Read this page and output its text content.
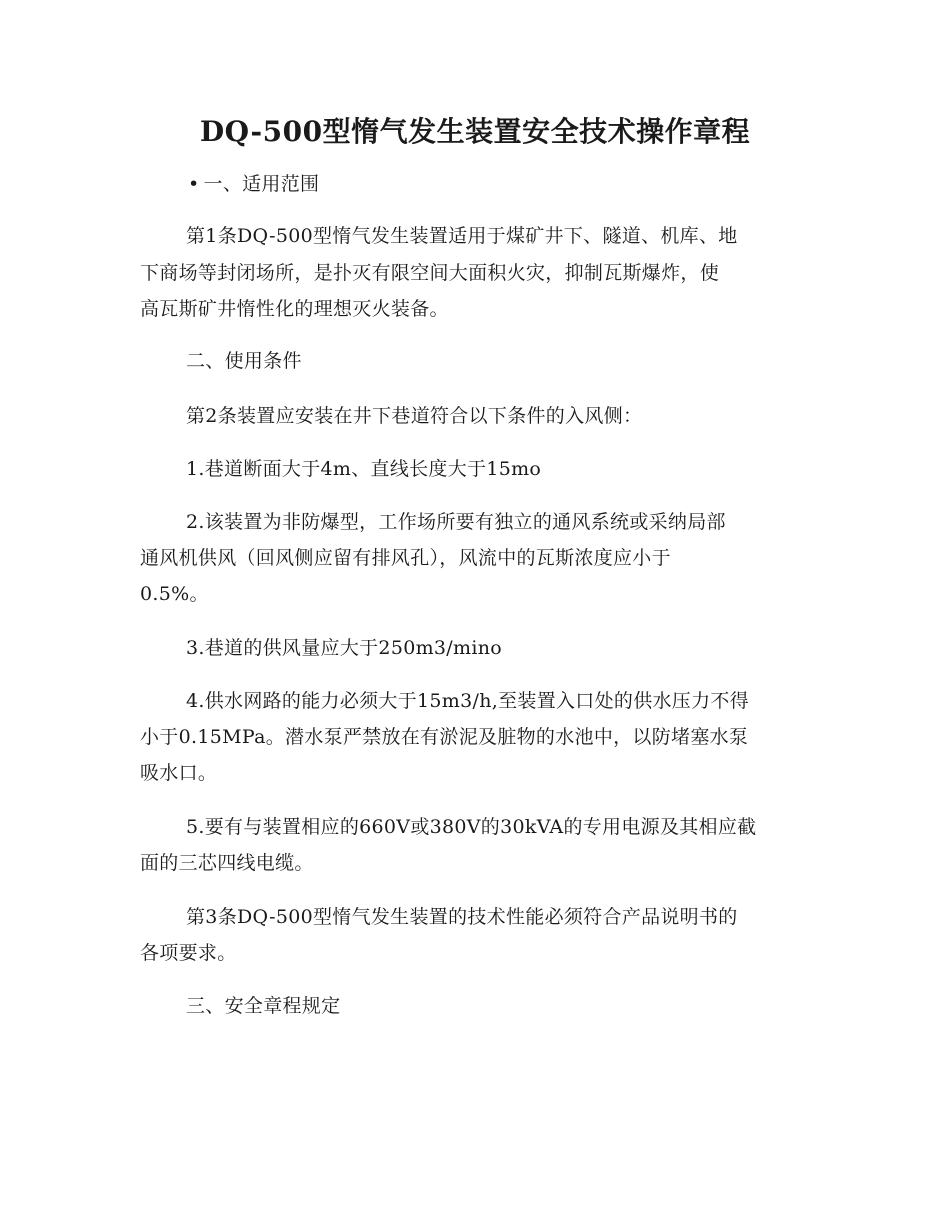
DQ-500型惰气发生装置安全技术操作章程
• 一、适用范围
第1条DQ-500型惰气发生装置适用于煤矿井下、隧道、机库、地
下商场等封闭场所，是扑灭有限空间大面积火灾，抑制瓦斯爆炸，使
高瓦斯矿井惰性化的理想灭火装备。
二、使用条件
第2条装置应安装在井下巷道符合以下条件的入风侧：
1.巷道断面大于4m、直线长度大于15mo
2.该装置为非防爆型，工作场所要有独立的通风系统或采纳局部
通风机供风（回风侧应留有排风孔），风流中的瓦斯浓度应小于
0.5%。
3.巷道的供风量应大于250m3/mino
4.供水网路的能力必须大于15m3/h,至装置入口处的供水压力不得
小于0.15MPa。潜水泵严禁放在有淤泥及脏物的水池中，以防堵塞水泵
吸水口。
5.要有与装置相应的660V或380V的30kVA的专用电源及其相应截
面的三芯四线电缆。
第3条DQ-500型惰气发生装置的技术性能必须符合产品说明书的
各项要求。
三、安全章程规定
